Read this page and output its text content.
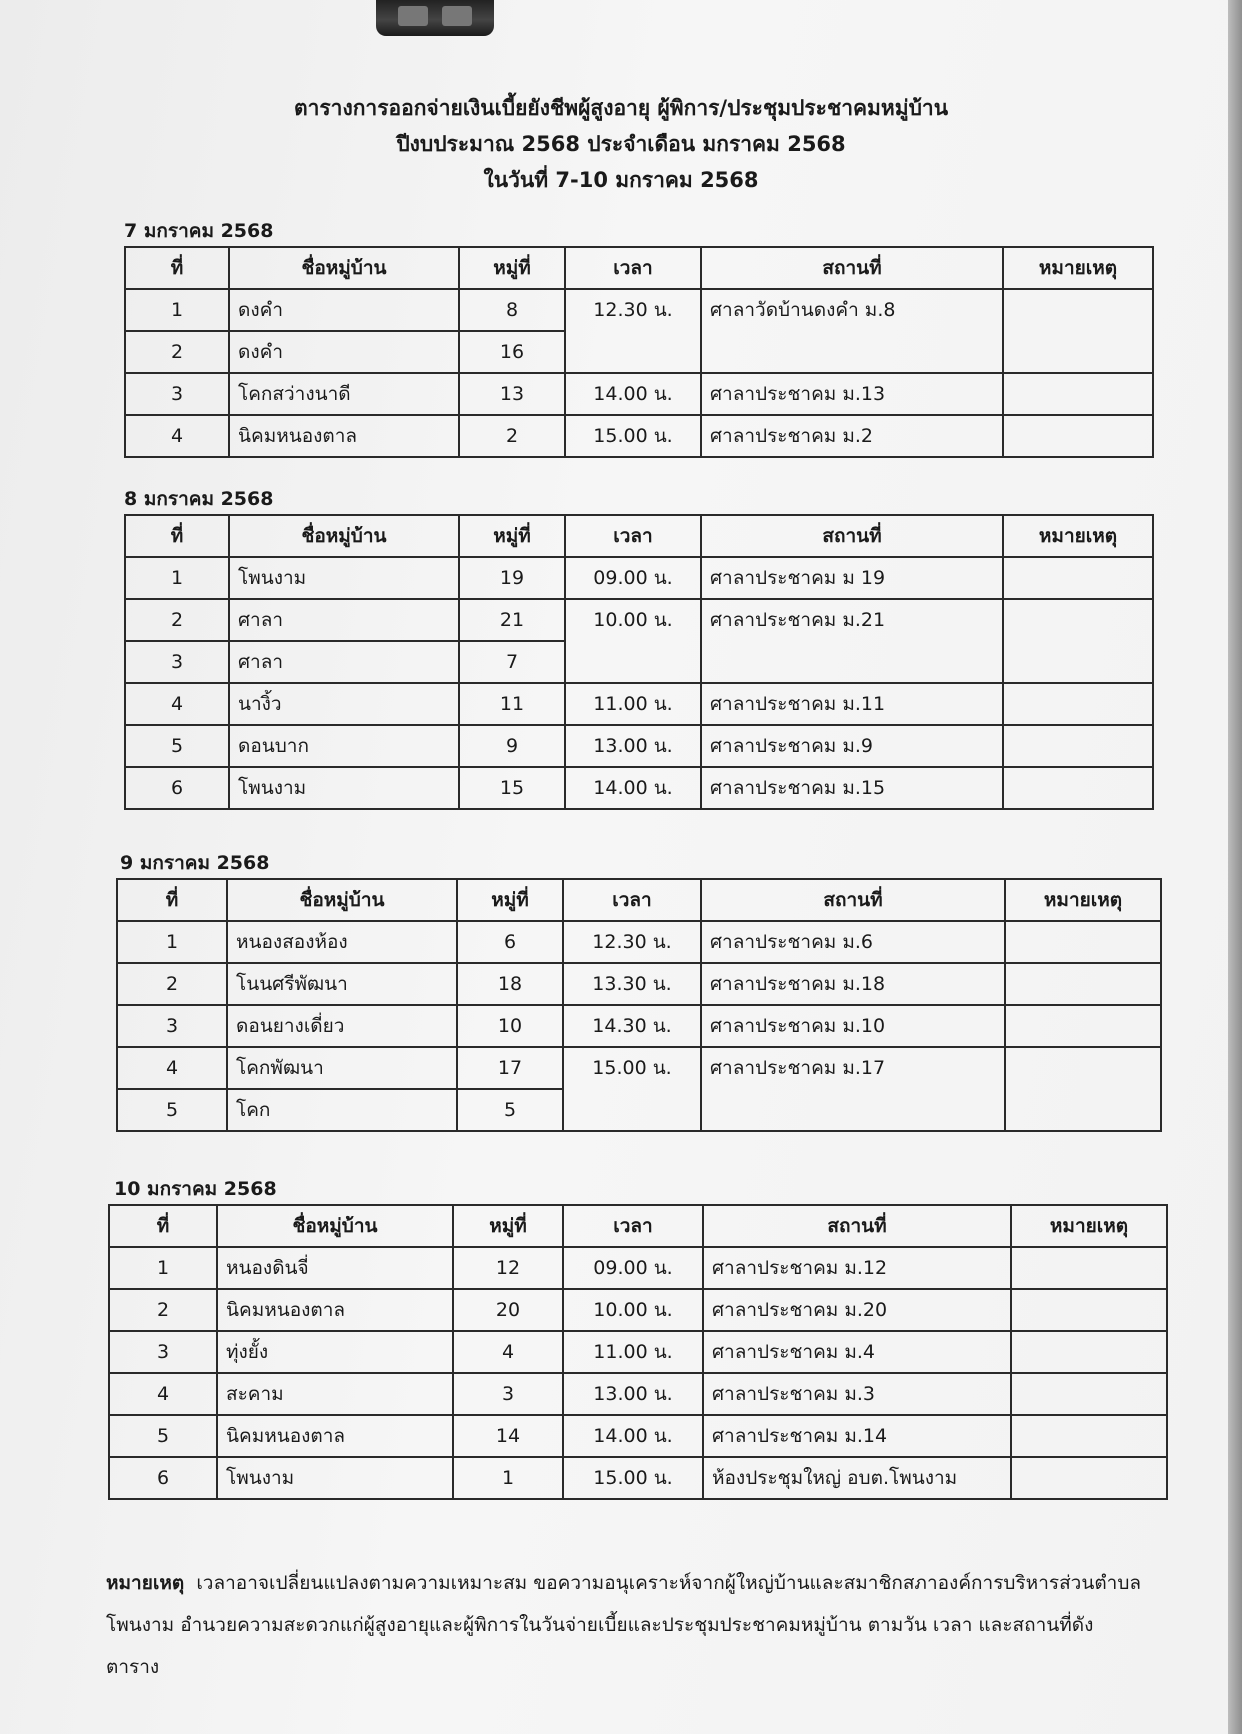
ตารางการออกจ่ายเงินเบี้ยยังชีพผู้สูงอายุ ผู้พิการ/ประชุมประชาคมหมู่บ้าน
ปีงบประมาณ 2568 ประจำเดือน มกราคม 2568
ในวันที่ 7-10 มกราคม 2568
7 มกราคม 2568
ที่	ชื่อหมู่บ้าน	หมู่ที่	เวลา	สถานที่	หมายเหตุ
1	ดงคำ	8	12.30 น.	ศาลาวัดบ้านดงคำ ม.8	
2	ดงคำ	16			
3	โคกสว่างนาดี	13	14.00 น.	ศาลาประชาคม ม.13	
4	นิคมหนองตาล	2	15.00 น.	ศาลาประชาคม ม.2	
8 มกราคม 2568
ที่	ชื่อหมู่บ้าน	หมู่ที่	เวลา	สถานที่	หมายเหตุ
1	โพนงาม	19	09.00 น.	ศาลาประชาคม ม 19	
2	ศาลา	21	10.00 น.	ศาลาประชาคม ม.21	
3	ศาลา	7			
4	นางิ้ว	11	11.00 น.	ศาลาประชาคม ม.11	
5	ดอนบาก	9	13.00 น.	ศาลาประชาคม ม.9	
6	โพนงาม	15	14.00 น.	ศาลาประชาคม ม.15	
9 มกราคม 2568
ที่	ชื่อหมู่บ้าน	หมู่ที่	เวลา	สถานที่	หมายเหตุ
1	หนองสองห้อง	6	12.30 น.	ศาลาประชาคม ม.6	
2	โนนศรีพัฒนา	18	13.30 น.	ศาลาประชาคม ม.18	
3	ดอนยางเดี่ยว	10	14.30 น.	ศาลาประชาคม ม.10	
4	โคกพัฒนา	17	15.00 น.	ศาลาประชาคม ม.17	
5	โคก	5			
10 มกราคม 2568
ที่	ชื่อหมู่บ้าน	หมู่ที่	เวลา	สถานที่	หมายเหตุ
1	หนองดินจี่	12	09.00 น.	ศาลาประชาคม ม.12	
2	นิคมหนองตาล	20	10.00 น.	ศาลาประชาคม ม.20	
3	ทุ่งยั้ง	4	11.00 น.	ศาลาประชาคม ม.4	
4	สะคาม	3	13.00 น.	ศาลาประชาคม ม.3	
5	นิคมหนองตาล	14	14.00 น.	ศาลาประชาคม ม.14	
6	โพนงาม	1	15.00 น.	ห้องประชุมใหญ่ อบต.โพนงาม	
หมายเหตุ เวลาอาจเปลี่ยนแปลงตามความเหมาะสม ขอความอนุเคราะห์จากผู้ใหญ่บ้านและสมาชิกสภาองค์การบริหารส่วนตำบลโพนงาม อำนวยความสะดวกแก่ผู้สูงอายุและผู้พิการในวันจ่ายเบี้ยและประชุมประชาคมหมู่บ้าน ตามวัน เวลา และสถานที่ดังตาราง
